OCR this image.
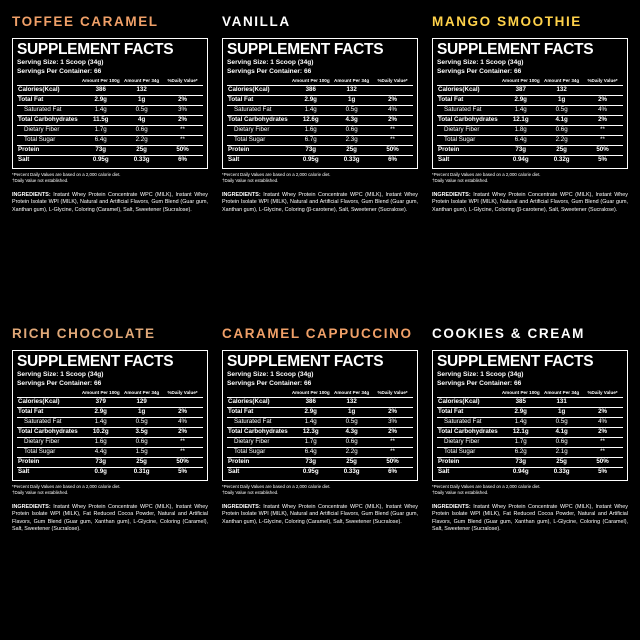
TOFFEE CARAMEL
SUPPLEMENT FACTS
Serving Size: 1 Scoop (34g)
Servings Per Container: 66
	Amount Per 100g	Amount Per 34g	%Daily Value*
Calories(Kcal)	386	132	
Total Fat	2.9g	1g	2%
Saturated Fat	1.4g	0.5g	3%
Total Carbohydrates	11.5g	4g	2%
Dietary Fiber	1.7g	0.6g	**
Total Sugar	6.4g	2.2g	**
Protein	73g	25g	50%
Salt	0.95g	0.33g	6%
*Percent Daily Values are based on a 2,000 calorie diet.
†Daily Value not established.
INGREDIENTS: Instant Whey Protein Concentrate WPC (MILK), Instant Whey Protein Isolate WPI (MILK), Natural and Artificial Flavors, Gum Blend (Guar gum, Xanthan gum), L-Glycine, Coloring (Caramel), Salt, Sweetener (Sucralose).
VANILLA
SUPPLEMENT FACTS
Serving Size: 1 Scoop (34g)
Servings Per Container: 66
	Amount Per 100g	Amount Per 34g	%Daily Value*
Calories(Kcal)	386	132	
Total Fat	2.9g	1g	2%
Saturated Fat	1.4g	0.5g	4%
Total Carbohydrates	12.6g	4.3g	2%
Dietary Fiber	1.6g	0.6g	**
Total Sugar	6.7g	2.3g	**
Protein	73g	25g	50%
Salt	0.95g	0.33g	6%
*Percent Daily Values are based on a 2,000 calorie diet.
†Daily Value not established.
INGREDIENTS: Instant Whey Protein Concentrate WPC (MILK), Instant Whey Protein Isolate WPI (MILK), Natural and Artificial Flavors, Gum Blend (Guar gum, Xanthan gum), L-Glycine, Coloring (β-carotene), Salt, Sweetener (Sucralose).
MANGO SMOOTHIE
SUPPLEMENT FACTS
Serving Size: 1 Scoop (34g)
Servings Per Container: 66
	Amount Per 100g	Amount Per 34g	%Daily Value*
Calories(Kcal)	387	132	
Total Fat	2.9g	1g	2%
Saturated Fat	1.4g	0.5g	4%
Total Carbohydrates	12.1g	4.1g	2%
Dietary Fiber	1.8g	0.6g	**
Total Sugar	6.4g	2.2g	**
Protein	73g	25g	50%
Salt	0.94g	0.32g	5%
*Percent Daily Values are based on a 2,000 calorie diet.
†Daily Value not established.
INGREDIENTS: Instant Whey Protein Concentrate WPC (MILK), Instant Whey Protein Isolate WPI (MILK), Natural and Artificial Flavors, Gum Blend (Guar gum, Xanthan gum), L-Glycine, Coloring (β-carotene), Salt, Sweetener (Sucralose).
RICH CHOCOLATE
SUPPLEMENT FACTS
Serving Size: 1 Scoop (34g)
Servings Per Container: 66
	Amount Per 100g	Amount Per 34g	%Daily Value*
Calories(Kcal)	379	129	
Total Fat	2.9g	1g	2%
Saturated Fat	1.4g	0.5g	4%
Total Carbohydrates	10.2g	3.5g	2%
Dietary Fiber	1.6g	0.6g	**
Total Sugar	4.4g	1.5g	**
Protein	73g	25g	50%
Salt	0.9g	0.31g	5%
*Percent Daily Values are based on a 2,000 calorie diet.
†Daily Value not established.
INGREDIENTS: Instant Whey Protein Concentrate WPC (MILK), Instant Whey Protein Isolate WPI (MILK), Fat Reduced Cocoa Powder, Natural and Artificial Flavors, Gum Blend (Guar gum, Xanthan gum), L-Glycine, Coloring (Caramel), Salt, Sweetener (Sucralose).
CARAMEL CAPPUCCINO
SUPPLEMENT FACTS
Serving Size: 1 Scoop (34g)
Servings Per Container: 66
	Amount Per 100g	Amount Per 34g	%Daily Value*
Calories(Kcal)	386	132	
Total Fat	2.9g	1g	2%
Saturated Fat	1.4g	0.5g	3%
Total Carbohydrates	12.3g	4.3g	2%
Dietary Fiber	1.7g	0.6g	**
Total Sugar	6.4g	2.2g	**
Protein	73g	25g	50%
Salt	0.95g	0.33g	6%
*Percent Daily Values are based on a 2,000 calorie diet.
†Daily Value not established.
INGREDIENTS: Instant Whey Protein Concentrate WPC (MILK), Instant Whey Protein Isolate WPI (MILK), Natural and Artificial Flavors, Gum Blend (Guar gum, Xanthan gum), L-Glycine, Coloring (Caramel), Salt, Sweetener (Sucralose).
COOKIES & CREAM
SUPPLEMENT FACTS
Serving Size: 1 Scoop (34g)
Servings Per Container: 66
	Amount Per 100g	Amount Per 34g	%Daily Value*
Calories(Kcal)	385	131	
Total Fat	2.9g	1g	2%
Saturated Fat	1.4g	0.5g	4%
Total Carbohydrates	12.1g	4.1g	2%
Dietary Fiber	1.7g	0.6g	**
Total Sugar	6.2g	2.1g	**
Protein	73g	25g	50%
Salt	0.94g	0.33g	5%
*Percent Daily Values are based on a 2,000 calorie diet.
†Daily Value not established.
INGREDIENTS: Instant Whey Protein Concentrate WPC (MILK), Instant Whey Protein Isolate WPI (MILK), Fat Reduced Cocoa Powder, Natural and Artificial Flavors, Gum Blend (Guar gum, Xanthan gum), L-Glycine, Coloring (Caramel), Salt, Sweetener (Sucralose).
